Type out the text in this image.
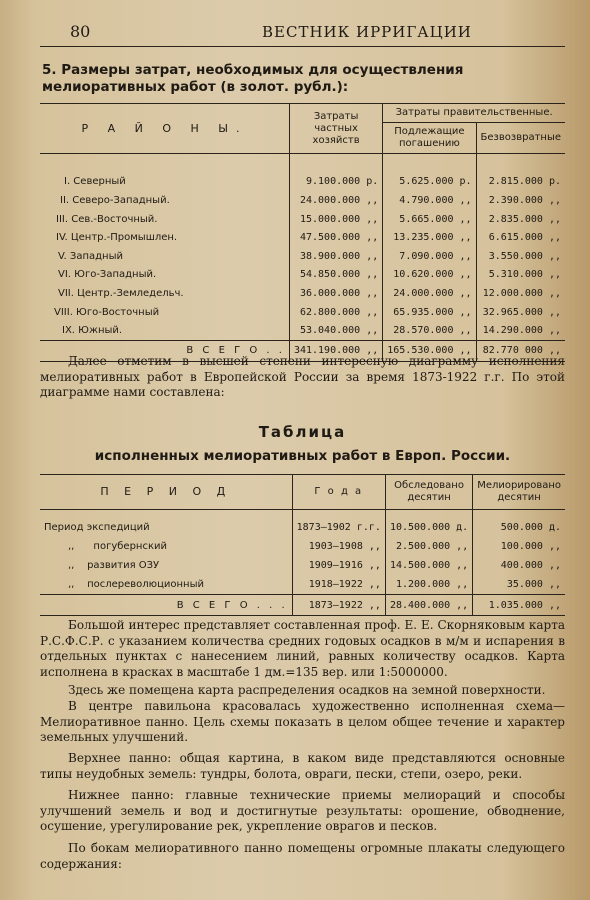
80	ВЕСТНИК ИРРИГАЦИИ
5. Размеры затрат, необходимых для осуществления мелиоративных работ (в золот. рубл.):
Р А Й О Н Ы.	Затраты частных хозяйств	Затраты правительственные.	
		Подлежащие погашению	Безвозвратные

I. Северный	9.100.000 р.	5.625.000 р.	2.815.000 р.
II. Северо-Западный.	24.000.000 ,,	4.790.000 ,,	2.390.000 ,,
III. Сев.-Восточный.	15.000.000 ,,	5.665.000 ,,	2.835.000 ,,
IV. Центр.-Промышлен.	47.500.000 ,,	13.235.000 ,,	6.615.000 ,,
V. Западный	38.900.000 ,,	7.090.000 ,,	3.550.000 ,,
VI. Юго-Западный.	54.850.000 ,,	10.620.000 ,,	5.310.000 ,,
VII. Центр.-Земледельч.	36.000.000 ,,	24.000.000 ,,	12.000.000 ,,
VIII. Юго-Восточный	62.800.000 ,,	65.935.000 ,,	32.965.000 ,,
IX. Южный.	53.040.000 ,,	28.570.000 ,,	14.290.000 ,,
В С Е Г О . .	341.190.000 ,,	165.530.000 ,,	82.770 000 ,,

Далее отметим в высшей степени интересную диаграмму исполнения мелиоративных работ в Европейской России за время 1873-1922 г.г. По этой диаграмме нами составлена:

Таблица
исполненных мелиоративных работ в Европ. России.
П Е Р И О Д	Г о д а	Обследовано десятин	Мелиорировано десятин

Период экспедиций	1873—1902 г.г.	10.500.000 д.	500.000 д.
,,      погубернский	1903—1908 ,,	2.500.000 ,,	100.000 ,,
,,    развития ОЗУ	1909—1916 ,,	14.500.000 ,,	400.000 ,,
,,    послереволюционный	1918—1922 ,,	1.200.000 ,,	35.000 ,,
В С Е Г О . . .	1873—1922 ,,	28.400.000 ,,	1.035.000 ,,

Большой интерес представляет составленная проф. Е. Е. Скорняковым карта Р.С.Ф.С.Р. с указанием количества средних годовых осадков в м/м и испарения в отдельных пунктах с нанесением линий, равных количеству осадков. Карта исполнена в красках в масштабе 1 дм.=135 вер. или 1:5000000.

Здесь же помещена карта распределения осадков на земной поверхности.

В центре павильона красовалась художественно исполненная схема—Мелиоративное панно. Цель схемы показать в целом общее течение и характер земельных улучшений.

Верхнее панно: общая картина, в каком виде представляются основные типы неудобных земель: тундры, болота, овраги, пески, степи, озеро, реки.

Нижнее панно: главные технические приемы мелиораций и способы улучшений земель и вод и достигнутые результаты: орошение, обводнение, осушение, урегулирование рек, укрепление оврагов и песков.

По бокам мелиоративного панно помещены огромные плакаты следующего содержания:
